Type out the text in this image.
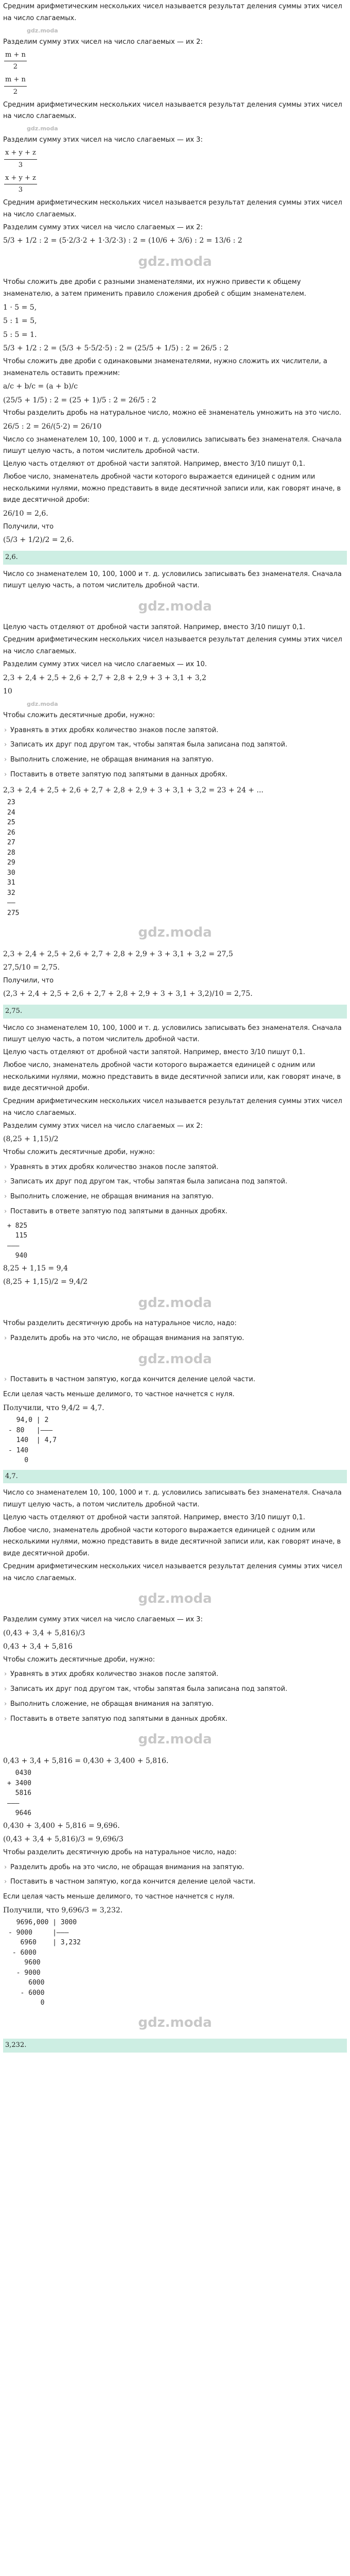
Средним арифметическим нескольких чисел называется результат деления суммы этих чисел на число слагаемых.
gdz.moda
Разделим сумму этих чисел на число слагаемых — их 2:
$\frac{m + n}{2}$
$\frac{m + n}{2}$
Средним арифметическим нескольких чисел называется результат деления суммы этих чисел на число слагаемых.
gdz.moda
Разделим сумму этих чисел на число слагаемых — их 3:
$\frac{x + y + z}{3}$
$\frac{x + y + z}{3}$
Средним арифметическим нескольких чисел называется результат деления суммы этих чисел на число слагаемых.
Разделим сумму этих чисел на число слагаемых — их 2:
5/3 + 1/2 : 2 = (5·2/3·2 + 1·3/2·3) : 2 = (10/6 + 3/6) : 2 = 13/6 : 2
gdz.moda
Чтобы сложить две дроби с разными знаменателями, их нужно привести к общему знаменателю, а затем применить правило сложения дробей с общим знаменателем.
1 · 5 = 5,
5 : 1 = 5,
5 : 5 = 1.
5/3 + 1/2 : 2 = (5/3 + 5·5/2·5) : 2 = (25/5 + 1/5) : 2 = 26/5 : 2
Чтобы сложить две дроби с одинаковыми знаменателями, нужно сложить их числители, а знаменатель оставить прежним:
a/c + b/c = (a + b)/c
(25/5 + 1/5) : 2 = (25 + 1)/5 : 2 = 26/5 : 2
Чтобы разделить дробь на натуральное число, можно её знаменатель умножить на это число.
26/5 : 2 = 26/(5·2) = 26/10
Число со знаменателем 10, 100, 1000 и т. д. условились записывать без знаменателя. Сначала пишут целую часть, а потом числитель дробной части.
Целую часть отделяют от дробной части запятой. Например, вместо 3/10 пишут 0,1.
Любое число, знаменатель дробной части которого выражается единицей с одним или несколькими нулями, можно представить в виде десятичной записи или, как говорят иначе, в виде десятичной дроби:
26/10 = 2,6.
Получили, что
(5/3 + 1/2)/2 = 2,6.
2,6.
Число со знаменателем 10, 100, 1000 и т. д. условились записывать без знаменателя. Сначала пишут целую часть, а потом числитель дробной части.
gdz.moda
Целую часть отделяют от дробной части запятой. Например, вместо 3/10 пишут 0,1.
Средним арифметическим нескольких чисел называется результат деления суммы этих чисел на число слагаемых.
Разделим сумму этих чисел на число слагаемых — их 10.
2,3 + 2,4 + 2,5 + 2,6 + 2,7 + 2,8 + 2,9 + 3 + 3,1 + 3,2
10
gdz.moda
Чтобы сложить десятичные дроби, нужно:
› Уравнять в этих дробях количество знаков после запятой.
› Записать их друг под другом так, чтобы запятая была записана под запятой.
› Выполнить сложение, не обращая внимания на запятую.
› Поставить в ответе запятую под запятыми в данных дробях.
2,3 + 2,4 + 2,5 + 2,6 + 2,7 + 2,8 + 2,9 + 3 + 3,1 + 3,2 = 23 + 24 + ...
23
24
25
26
27
28
29
30
31
32
——
275
gdz.moda
2,3 + 2,4 + 2,5 + 2,6 + 2,7 + 2,8 + 2,9 + 3 + 3,1 + 3,2 = 27,5
27,5/10 = 2,75.
Получили, что
(2,3 + 2,4 + 2,5 + 2,6 + 2,7 + 2,8 + 2,9 + 3 + 3,1 + 3,2)/10 = 2,75.
2,75.
Число со знаменателем 10, 100, 1000 и т. д. условились записывать без знаменателя. Сначала пишут целую часть, а потом числитель дробной части.
Целую часть отделяют от дробной части запятой. Например, вместо 3/10 пишут 0,1.
Любое число, знаменатель дробной части которого выражается единицей с одним или несколькими нулями, можно представить в виде десятичной записи или, как говорят иначе, в виде десятичной дроби.
Средним арифметическим нескольких чисел называется результат деления суммы этих чисел на число слагаемых.
Разделим сумму этих чисел на число слагаемых — их 2:
(8,25 + 1,15)/2
Чтобы сложить десятичные дроби, нужно:
› Уравнять в этих дробях количество знаков после запятой.
› Записать их друг под другом так, чтобы запятая была записана под запятой.
› Выполнить сложение, не обращая внимания на запятую.
› Поставить в ответе запятую под запятыми в данных дробях.
+ 825
115
———
940
8,25 + 1,15 = 9,4
(8,25 + 1,15)/2 = 9,4/2
gdz.moda
Чтобы разделить десятичную дробь на натуральное число, надо:
› Разделить дробь на это число, не обращая внимания на запятую.
gdz.moda
› Поставить в частном запятую, когда кончится деление целой части.
Если целая часть меньше делимого, то частное начнется с нуля.
Получили, что 9,4/2 = 4,7.
94,0 | 2
- 80   |———
140  | 4,7
- 140
0
4,7.
Число со знаменателем 10, 100, 1000 и т. д. условились записывать без знаменателя. Сначала пишут целую часть, а потом числитель дробной части.
Целую часть отделяют от дробной части запятой. Например, вместо 3/10 пишут 0,1.
Любое число, знаменатель дробной части которого выражается единицей с одним или несколькими нулями, можно представить в виде десятичной записи или, как говорят иначе, в виде десятичной дроби.
Средним арифметическим нескольких чисел называется результат деления суммы этих чисел на число слагаемых.
gdz.moda
Разделим сумму этих чисел на число слагаемых — их 3:
(0,43 + 3,4 + 5,816)/3
0,43 + 3,4 + 5,816
Чтобы сложить десятичные дроби, нужно:
› Уравнять в этих дробях количество знаков после запятой.
› Записать их друг под другом так, чтобы запятая была записана под запятой.
› Выполнить сложение, не обращая внимания на запятую.
› Поставить в ответе запятую под запятыми в данных дробях.
gdz.moda
0,43 + 3,4 + 5,816 = 0,430 + 3,400 + 5,816.
0430
+ 3400
5816
———
9646
0,430 + 3,400 + 5,816 = 9,696.
(0,43 + 3,4 + 5,816)/3 = 9,696/3
Чтобы разделить десятичную дробь на натуральное число, надо:
› Разделить дробь на это число, не обращая внимания на запятую.
› Поставить в частном запятую, когда кончится деление целой части.
Если целая часть меньше делимого, то частное начнется с нуля.
Получили, что 9,696/3 = 3,232.
9696,000 | 3000
- 9000     |———
6960    | 3,232
- 6000
9600
- 9000
6000
- 6000
0
gdz.moda
3,232.
